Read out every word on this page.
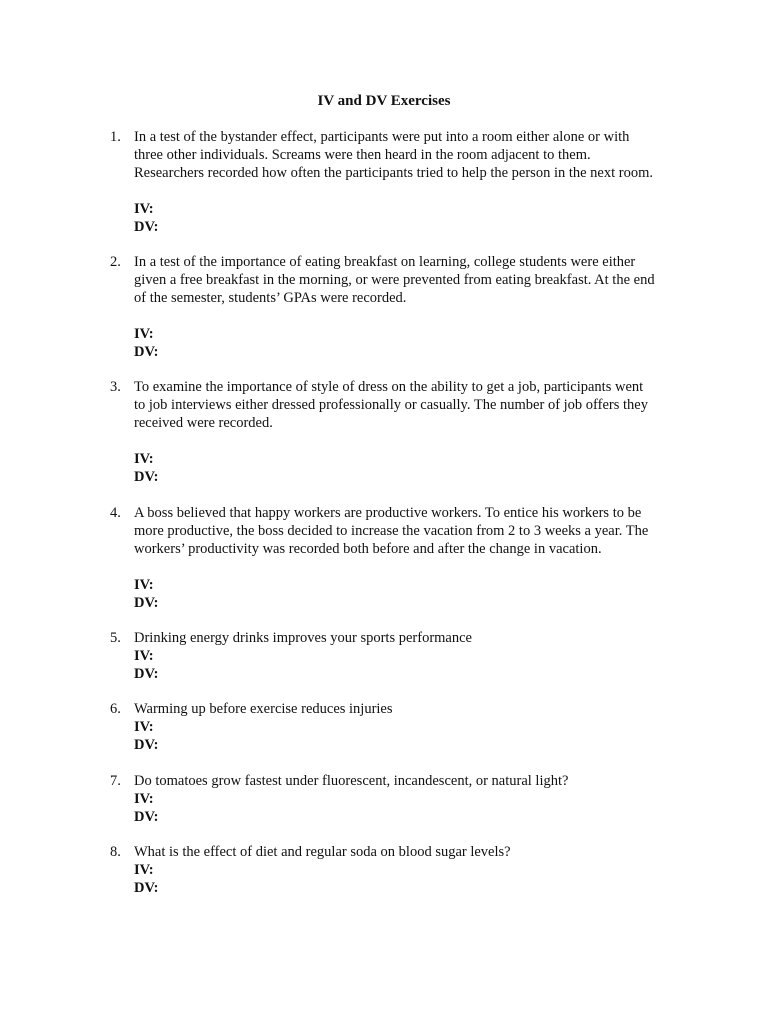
IV and DV Exercises
1. In a test of the bystander effect, participants were put into a room either alone or with
three other individuals. Screams were then heard in the room adjacent to them.
Researchers recorded how often the participants tried to help the person in the next room.
IV:
DV:
2. In a test of the importance of eating breakfast on learning, college students were either
given a free breakfast in the morning, or were prevented from eating breakfast. At the end
of the semester, students’ GPAs were recorded.
IV:
DV:
3. To examine the importance of style of dress on the ability to get a job, participants went
to job interviews either dressed professionally or casually. The number of job offers they
received were recorded.
IV:
DV:
4. A boss believed that happy workers are productive workers. To entice his workers to be
more productive, the boss decided to increase the vacation from 2 to 3 weeks a year. The
workers’ productivity was recorded both before and after the change in vacation.
IV:
DV:
5. Drinking energy drinks improves your sports performance
IV:
DV:
6. Warming up before exercise reduces injuries
IV:
DV:
7. Do tomatoes grow fastest under fluorescent, incandescent, or natural light?
IV:
DV:
8. What is the effect of diet and regular soda on blood sugar levels?
IV:
DV:
